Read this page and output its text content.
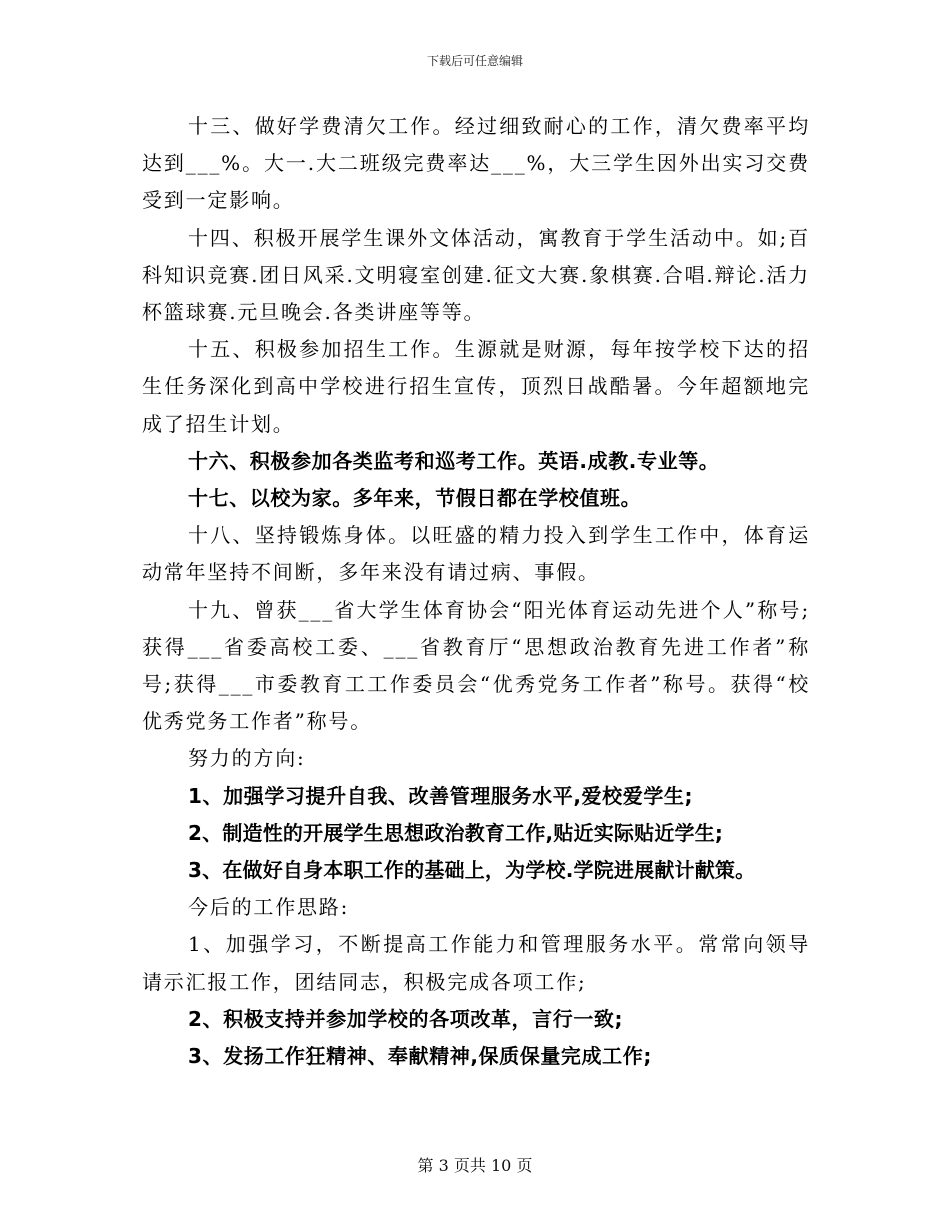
下载后可任意编辑

十三、做好学费清欠工作。经过细致耐心的工作，清欠费率平均达到___%。大一.大二班级完费率达___%，大三学生因外出实习交费受到一定影响。

十四、积极开展学生课外文体活动，寓教育于学生活动中。如;百科知识竞赛.团日风采.文明寝室创建.征文大赛.象棋赛.合唱.辩论.活力杯篮球赛.元旦晚会.各类讲座等等。

十五、积极参加招生工作。生源就是财源，每年按学校下达的招生任务深化到高中学校进行招生宣传，顶烈日战酷暑。今年超额地完成了招生计划。

十六、积极参加各类监考和巡考工作。英语.成教.专业等。

十七、以校为家。多年来，节假日都在学校值班。

十八、坚持锻炼身体。以旺盛的精力投入到学生工作中，体育运动常年坚持不间断，多年来没有请过病、事假。

十九、曾获___省大学生体育协会“阳光体育运动先进个人”称号;获得___省委高校工委、___省教育厅“思想政治教育先进工作者”称号;获得___市委教育工工作委员会“优秀党务工作者”称号。获得“校优秀党务工作者”称号。

努力的方向:

1、加强学习提升自我、改善管理服务水平,爱校爱学生;

2、制造性的开展学生思想政治教育工作,贴近实际贴近学生;

3、在做好自身本职工作的基础上，为学校.学院进展献计献策。

今后的工作思路:

1、加强学习，不断提高工作能力和管理服务水平。常常向领导请示汇报工作，团结同志，积极完成各项工作;

2、积极支持并参加学校的各项改革，言行一致;

3、发扬工作狂精神、奉献精神,保质保量完成工作;

第 3 页共 10 页
